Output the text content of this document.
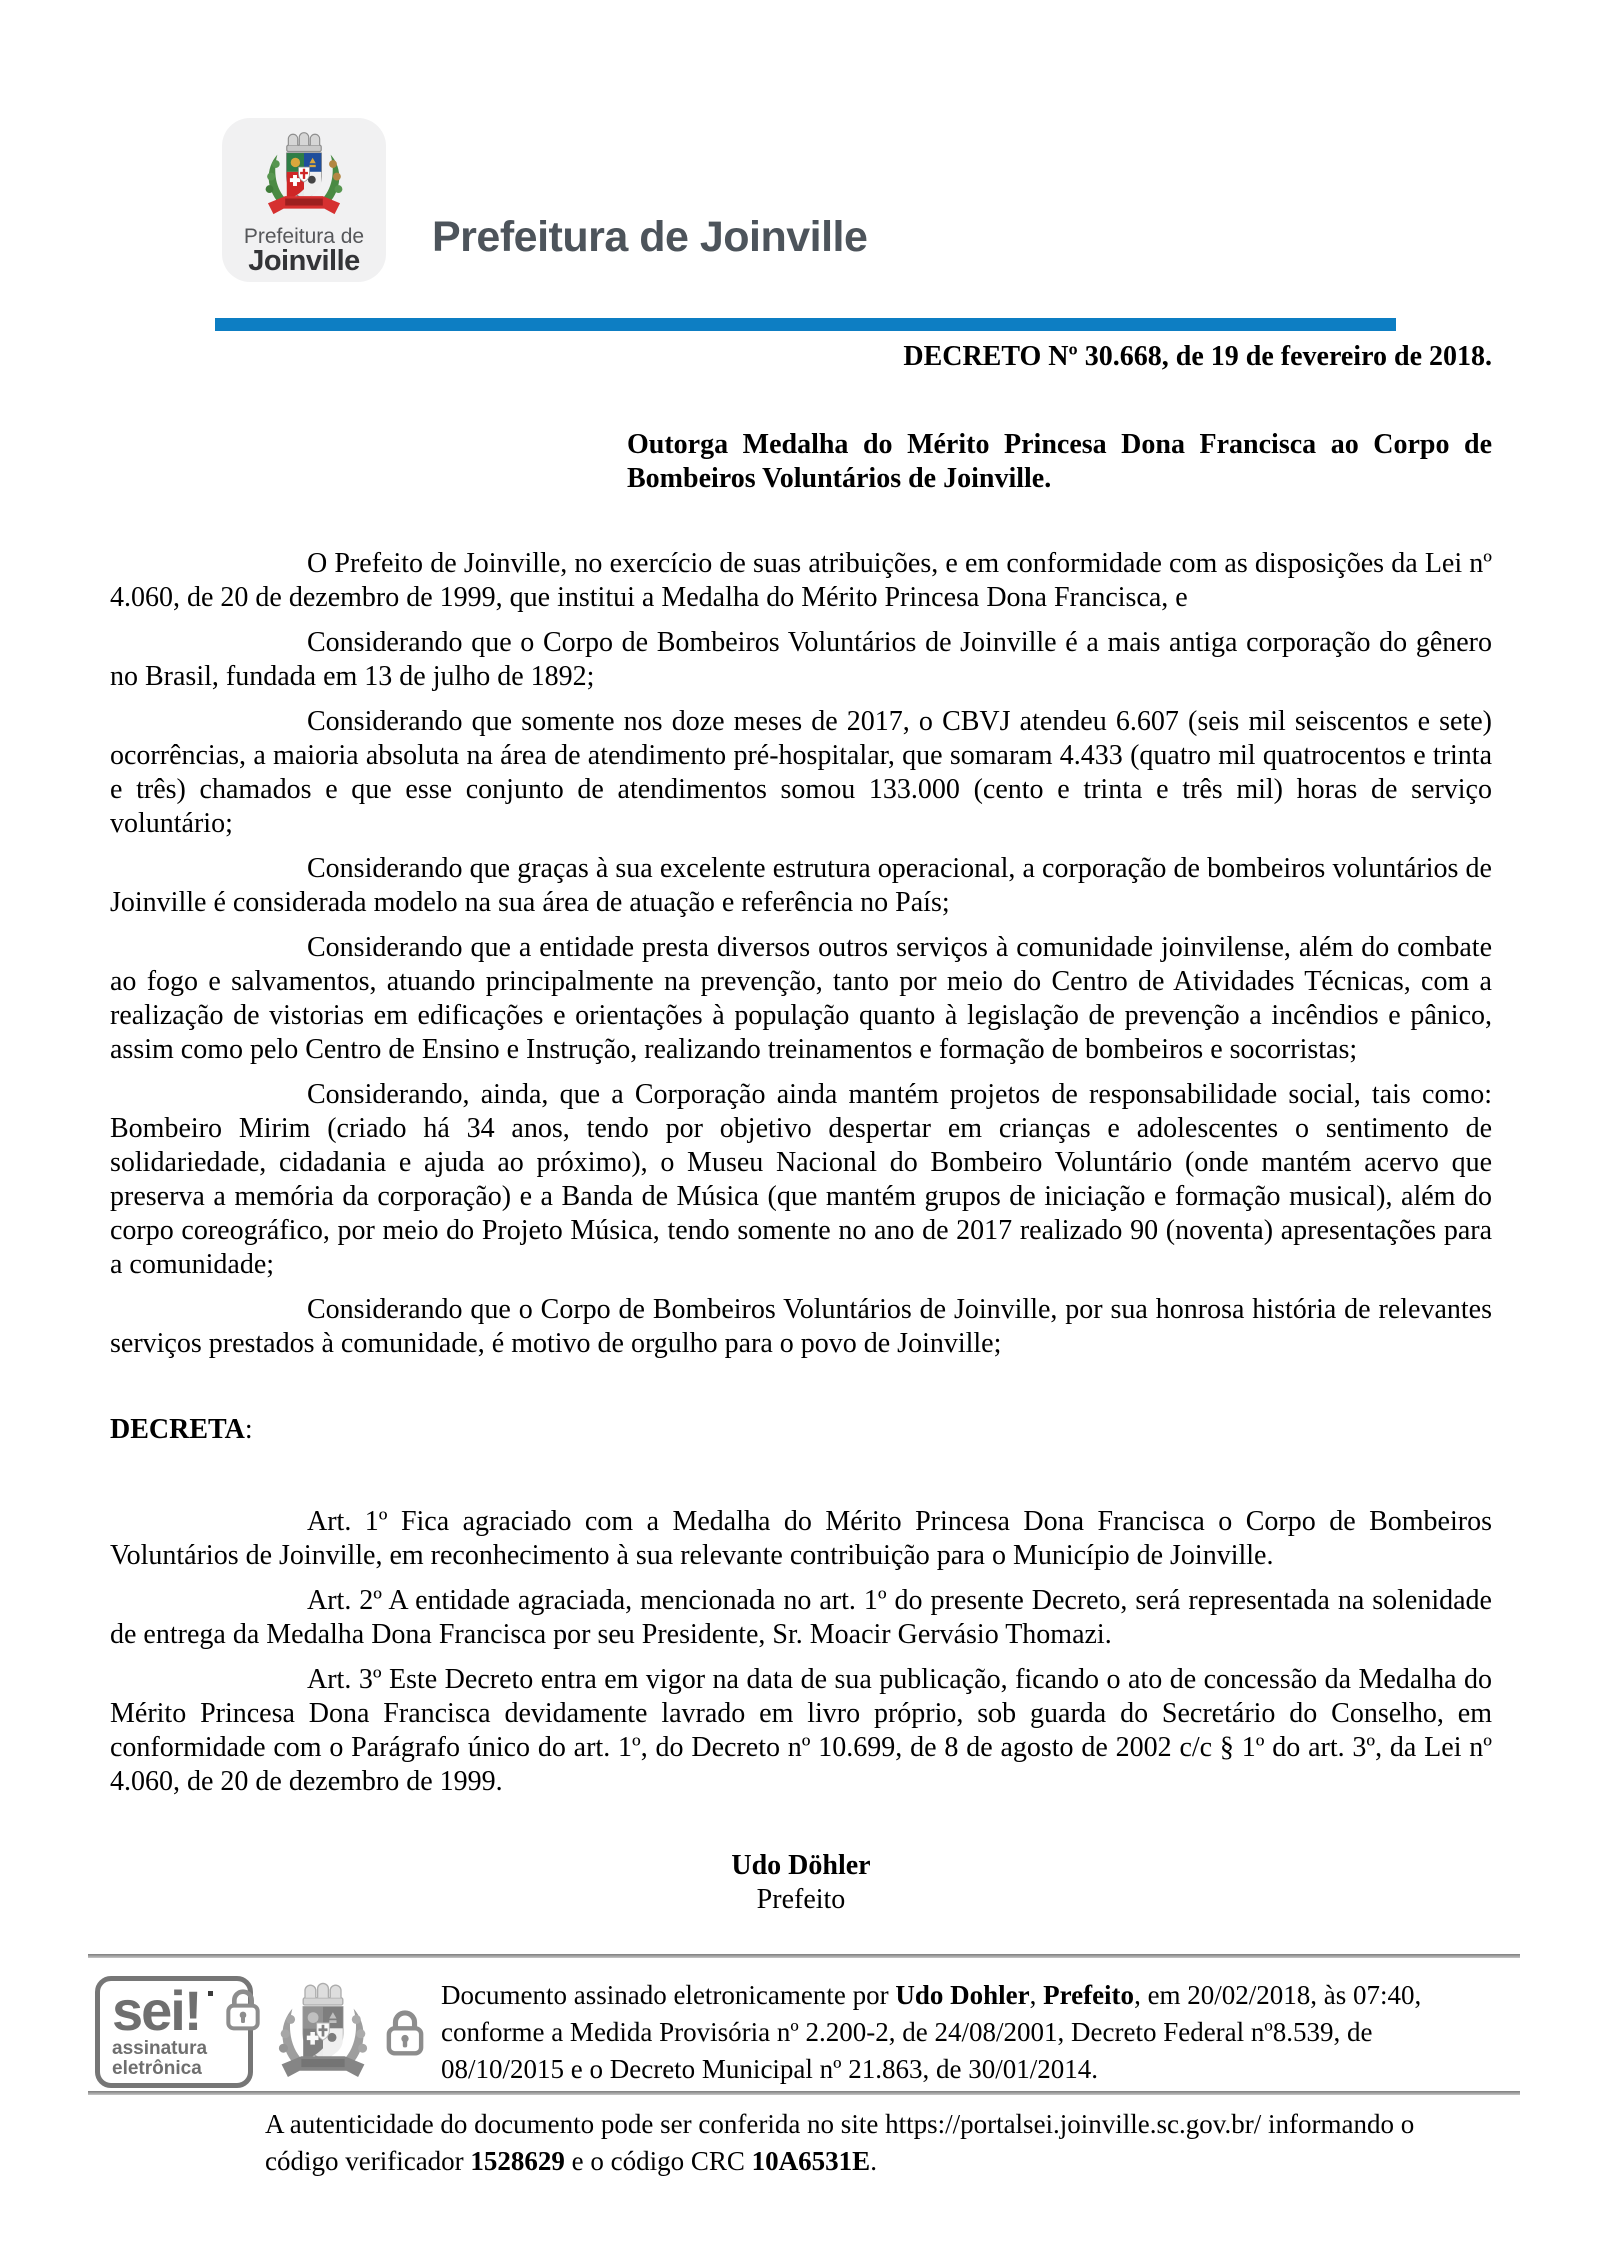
Prefeitura de
Joinville
Prefeitura de Joinville

DECRETO Nº 30.668, de 19 de fevereiro de 2018.

Outorga Medalha do Mérito Princesa Dona Francisca ao Corpo de Bombeiros Voluntários de Joinville.

O Prefeito de Joinville, no exercício de suas atribuições, e em conformidade com as disposições da Lei nº 4.060, de 20 de dezembro de 1999, que institui a Medalha do Mérito Princesa Dona Francisca, e

Considerando que o Corpo de Bombeiros Voluntários de Joinville é a mais antiga corporação do gênero no Brasil, fundada em 13 de julho de 1892;

Considerando que somente nos doze meses de 2017, o CBVJ atendeu 6.607 (seis mil seiscentos e sete) ocorrências, a maioria absoluta na área de atendimento pré-hospitalar, que somaram 4.433 (quatro mil quatrocentos e trinta e três) chamados e que esse conjunto de atendimentos somou 133.000 (cento e trinta e três mil) horas de serviço voluntário;

Considerando que graças à sua excelente estrutura operacional, a corporação de bombeiros voluntários de Joinville é considerada modelo na sua área de atuação e referência no País;

Considerando que a entidade presta diversos outros serviços à comunidade joinvilense, além do combate ao fogo e salvamentos, atuando principalmente na prevenção, tanto por meio do Centro de Atividades Técnicas, com a realização de vistorias em edificações e orientações à população quanto à legislação de prevenção a incêndios e pânico, assim como pelo Centro de Ensino e Instrução, realizando treinamentos e formação de bombeiros e socorristas;

Considerando, ainda, que a Corporação ainda mantém projetos de responsabilidade social, tais como: Bombeiro Mirim (criado há 34 anos, tendo por objetivo despertar em crianças e adolescentes o sentimento de solidariedade, cidadania e ajuda ao próximo), o Museu Nacional do Bombeiro Voluntário (onde mantém acervo que preserva a memória da corporação) e a Banda de Música (que mantém grupos de iniciação e formação musical), além do corpo coreográfico, por meio do Projeto Música, tendo somente no ano de 2017 realizado 90 (noventa) apresentações para a comunidade;

Considerando que o Corpo de Bombeiros Voluntários de Joinville, por sua honrosa história de relevantes serviços prestados à comunidade, é motivo de orgulho para o povo de Joinville;

DECRETA:

Art. 1º Fica agraciado com a Medalha do Mérito Princesa Dona Francisca o Corpo de Bombeiros Voluntários de Joinville, em reconhecimento à sua relevante contribuição para o Município de Joinville.

Art. 2º A entidade agraciada, mencionada no art. 1º do presente Decreto, será representada na solenidade de entrega da Medalha Dona Francisca por seu Presidente, Sr. Moacir Gervásio Thomazi.

Art. 3º Este Decreto entra em vigor na data de sua publicação, ficando o ato de concessão da Medalha do Mérito Princesa Dona Francisca devidamente lavrado em livro próprio, sob guarda do Secretário do Conselho, em conformidade com o Parágrafo único do art. 1º, do Decreto nº 10.699, de 8 de agosto de 2002 c/c § 1º do art. 3º, da Lei nº 4.060, de 20 de dezembro de 1999.

Udo Döhler

Prefeito

sei!
assinatura
eletrônica
Documento assinado eletronicamente por Udo Dohler, Prefeito, em 20/02/2018, às 07:40, conforme a Medida Provisória nº 2.200-2, de 24/08/2001, Decreto Federal nº8.539, de 08/10/2015 e o Decreto Municipal nº 21.863, de 30/01/2014.
A autenticidade do documento pode ser conferida no site https://portalsei.joinville.sc.gov.br/ informando o código verificador 1528629 e o código CRC 10A6531E.
